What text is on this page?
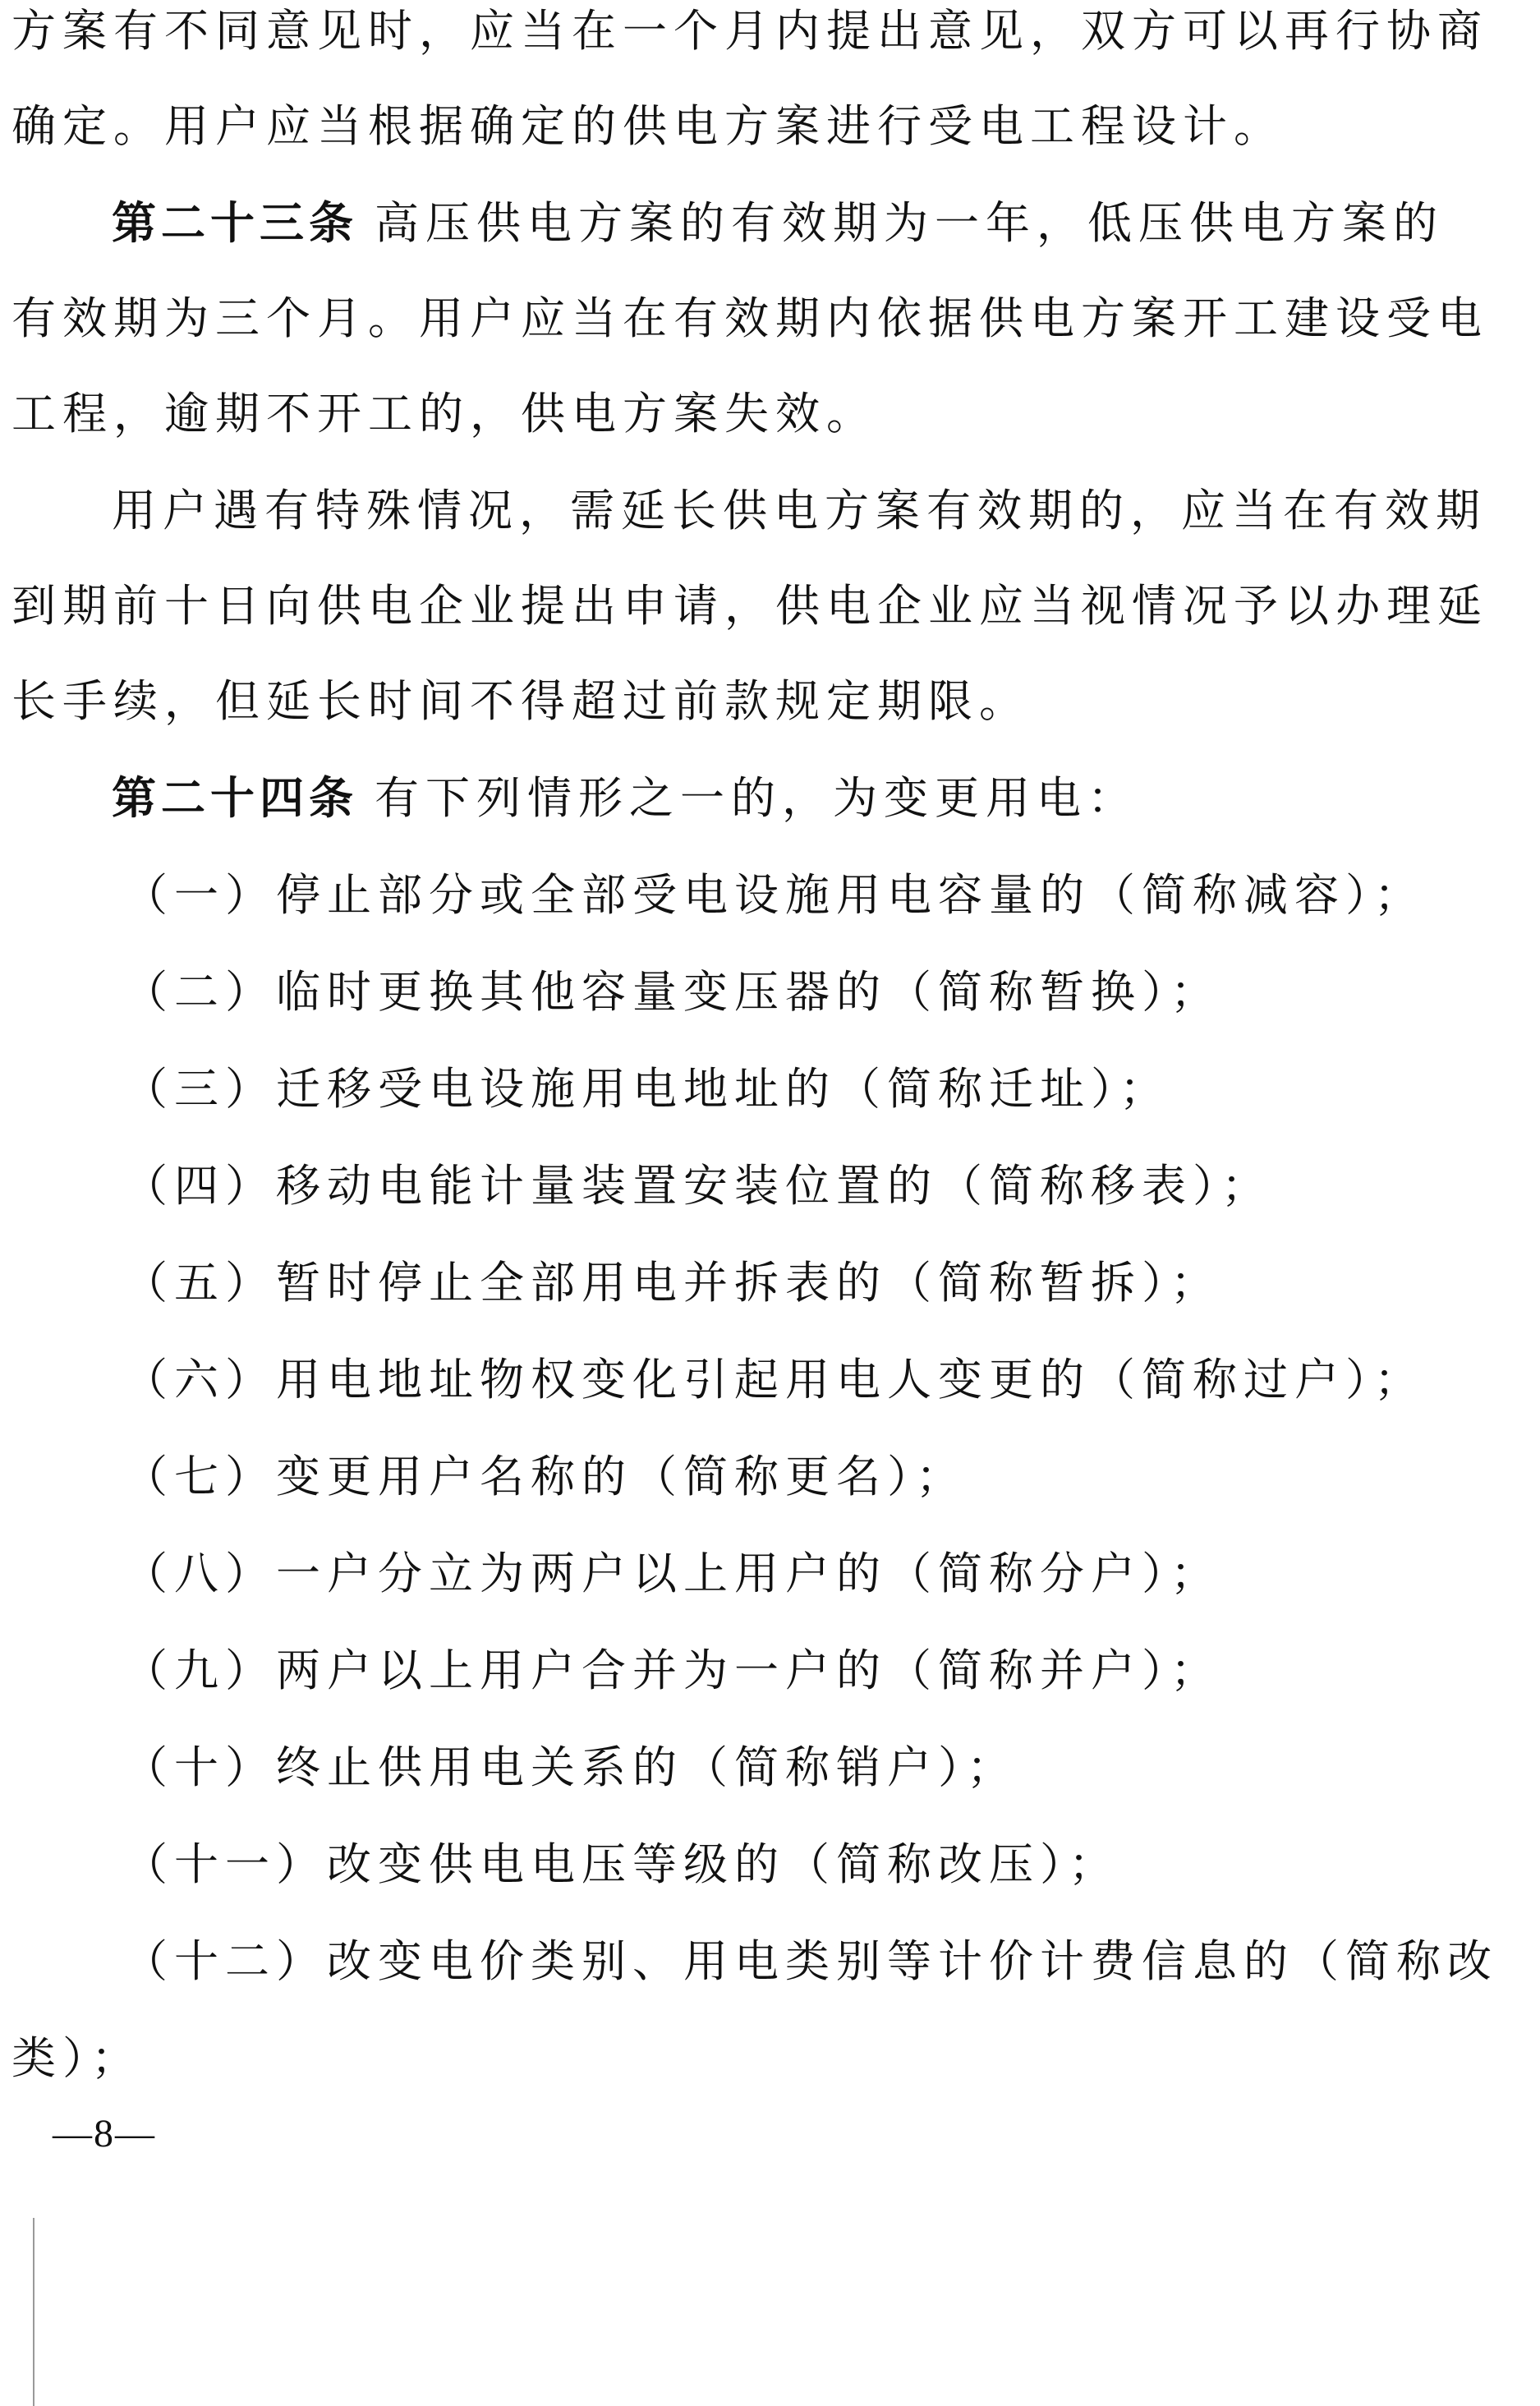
方案有不同意见时，应当在一个月内提出意见，双方可以再行协商
确定。用户应当根据确定的供电方案进行受电工程设计。
第二十三条 高压供电方案的有效期为一年，低压供电方案的
有效期为三个月。用户应当在有效期内依据供电方案开工建设受电
工程，逾期不开工的，供电方案失效。
用户遇有特殊情况，需延长供电方案有效期的，应当在有效期
到期前十日向供电企业提出申请，供电企业应当视情况予以办理延
长手续，但延长时间不得超过前款规定期限。
第二十四条 有下列情形之一的，为变更用电：
（一）停止部分或全部受电设施用电容量的（简称减容）；
（二）临时更换其他容量变压器的（简称暂换）；
（三）迁移受电设施用电地址的（简称迁址）；
（四）移动电能计量装置安装位置的（简称移表）；
（五）暂时停止全部用电并拆表的（简称暂拆）；
（六）用电地址物权变化引起用电人变更的（简称过户）；
（七）变更用户名称的（简称更名）；
（八）一户分立为两户以上用户的（简称分户）；
（九）两户以上用户合并为一户的（简称并户）；
（十）终止供用电关系的（简称销户）；
（十一）改变供电电压等级的（简称改压）；
（十二）改变电价类别、用电类别等计价计费信息的（简称改
类）；
—8—
